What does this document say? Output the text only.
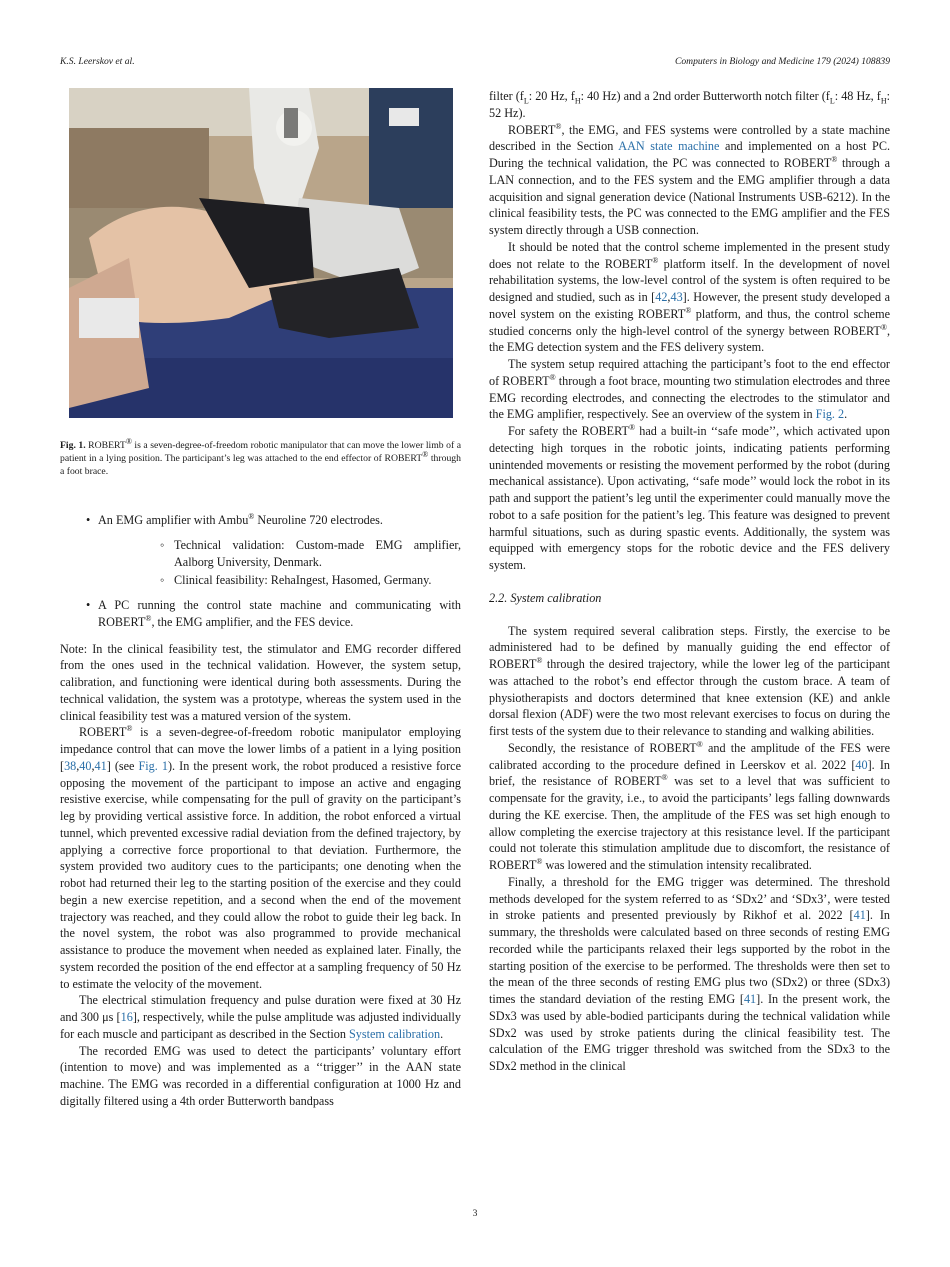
K.S. Leerskov et al.	Computers in Biology and Medicine 179 (2024) 108839

Fig. 1. ROBERT® is a seven-degree-of-freedom robotic manipulator that can move the lower limb of a patient in a lying position. The participant’s leg was attached to the end effector of ROBERT® through a foot brace.

• An EMG amplifier with Ambu® Neuroline 720 electrodes.
◦ Technical validation: Custom-made EMG amplifier, Aalborg University, Denmark.
◦ Clinical feasibility: RehaIngest, Hasomed, Germany.
• A PC running the control state machine and communicating with ROBERT®, the EMG amplifier, and the FES device.

Note: In the clinical feasibility test, the stimulator and EMG recorder differed from the ones used in the technical validation. However, the system setup, calibration, and functioning were identical during both assessments. During the technical validation, the system was a prototype, whereas the system used in the clinical feasibility test was a matured version of the system.

ROBERT® is a seven-degree-of-freedom robotic manipulator employing impedance control that can move the lower limbs of a patient in a lying position [38,40,41] (see Fig. 1). In the present work, the robot produced a resistive force opposing the movement of the participant to impose an active and engaging resistive exercise, while compensating for the pull of gravity on the participant’s leg by providing vertical assistive force. In addition, the robot enforced a virtual tunnel, which prevented excessive radial deviation from the defined trajectory, by applying a corrective force proportional to that deviation. Furthermore, the system provided two auditory cues to the participants; one denoting when the robot had returned their leg to the starting position of the exercise and they could begin a new exercise repetition, and a second when the end of the movement trajectory was reached, and they could allow the robot to guide their leg back. In the novel system, the robot was also programmed to provide mechanical assistance to produce the movement when needed as explained later. Finally, the system recorded the position of the end effector at a sampling frequency of 50 Hz to estimate the velocity of the movement.

The electrical stimulation frequency and pulse duration were fixed at 30 Hz and 300 μs [16], respectively, while the pulse amplitude was adjusted individually for each muscle and participant as described in the Section System calibration.

The recorded EMG was used to detect the participants’ voluntary effort (intention to move) and was implemented as a ‘‘trigger’’ in the AAN state machine. The EMG was recorded in a differential configuration at 1000 Hz and digitally filtered using a 4th order Butterworth bandpass

filter ($f_L$: 20 Hz, $f_H$: 40 Hz) and a 2nd order Butterworth notch filter ($f_L$: 48 Hz, $f_H$: 52 Hz).

ROBERT®, the EMG, and FES systems were controlled by a state machine described in the Section AAN state machine and implemented on a host PC. During the technical validation, the PC was connected to ROBERT® through a LAN connection, and to the FES system and the EMG amplifier through a data acquisition and signal generation device (National Instruments USB-6212). In the clinical feasibility tests, the PC was connected to the EMG amplifier and the FES system directly through a USB connection.

It should be noted that the control scheme implemented in the present study does not relate to the ROBERT® platform itself. In the development of novel rehabilitation systems, the low-level control of the system is often required to be designed and studied, such as in [42,43]. However, the present study developed a novel system on the existing ROBERT® platform, and thus, the control scheme studied concerns only the high-level control of the synergy between ROBERT®, the EMG detection system and the FES delivery system.

The system setup required attaching the participant’s foot to the end effector of ROBERT® through a foot brace, mounting two stimulation electrodes and three EMG recording electrodes, and connecting the electrodes to the stimulator and the EMG amplifier, respectively. See an overview of the system in Fig. 2.

For safety the ROBERT® had a built-in ‘‘safe mode’’, which activated upon detecting high torques in the robotic joints, indicating patients performing unintended movements or resisting the movement performed by the robot (during mechanical assistance). Upon activating, ‘‘safe mode’’ would lock the robot in its path and support the patient’s leg until the experimenter could manually move the robot to a safe position for the patient’s leg. This feature was designed to prevent harmful situations, such as during spastic events. Additionally, the system was equipped with emergency stops for the robotic device and the FES delivery system.

2.2. System calibration

The system required several calibration steps. Firstly, the exercise to be administered had to be defined by manually guiding the end effector of ROBERT® through the desired trajectory, while the lower leg of the participant was attached to the robot’s end effector through the custom brace. A team of physiotherapists and doctors determined that knee extension (KE) and ankle dorsal flexion (ADF) were the two most relevant exercises to focus on during the first tests of the system due to their relevance to standing and walking abilities.

Secondly, the resistance of ROBERT® and the amplitude of the FES were calibrated according to the procedure defined in Leerskov et al. 2022 [40]. In brief, the resistance of ROBERT® was set to a level that was sufficient to compensate for the gravity, i.e., to avoid the participants’ legs falling downwards during the KE exercise. Then, the amplitude of the FES was set high enough to allow completing the exercise trajectory at this resistance level. If the participant could not tolerate this stimulation amplitude due to discomfort, the resistance of ROBERT® was lowered and the stimulation intensity recalibrated.

Finally, a threshold for the EMG trigger was determined. The threshold methods developed for the system referred to as ‘SDx2’ and ‘SDx3’, were tested in stroke patients and presented previously by Rikhof et al. 2022 [41]. In summary, the thresholds were calculated based on three seconds of resting EMG recorded while the participants relaxed their legs supported by the robot in the starting position of the exercise to be performed. The thresholds were then set to the mean of the three seconds of resting EMG plus two (SDx2) or three (SDx3) times the standard deviation of the resting EMG [41]. In the present work, the SDx3 was used by able-bodied participants during the technical validation while SDx2 was used by stroke patients during the clinical feasibility test. The calculation of the EMG trigger threshold was switched from the SDx3 to the SDx2 method in the clinical

3
